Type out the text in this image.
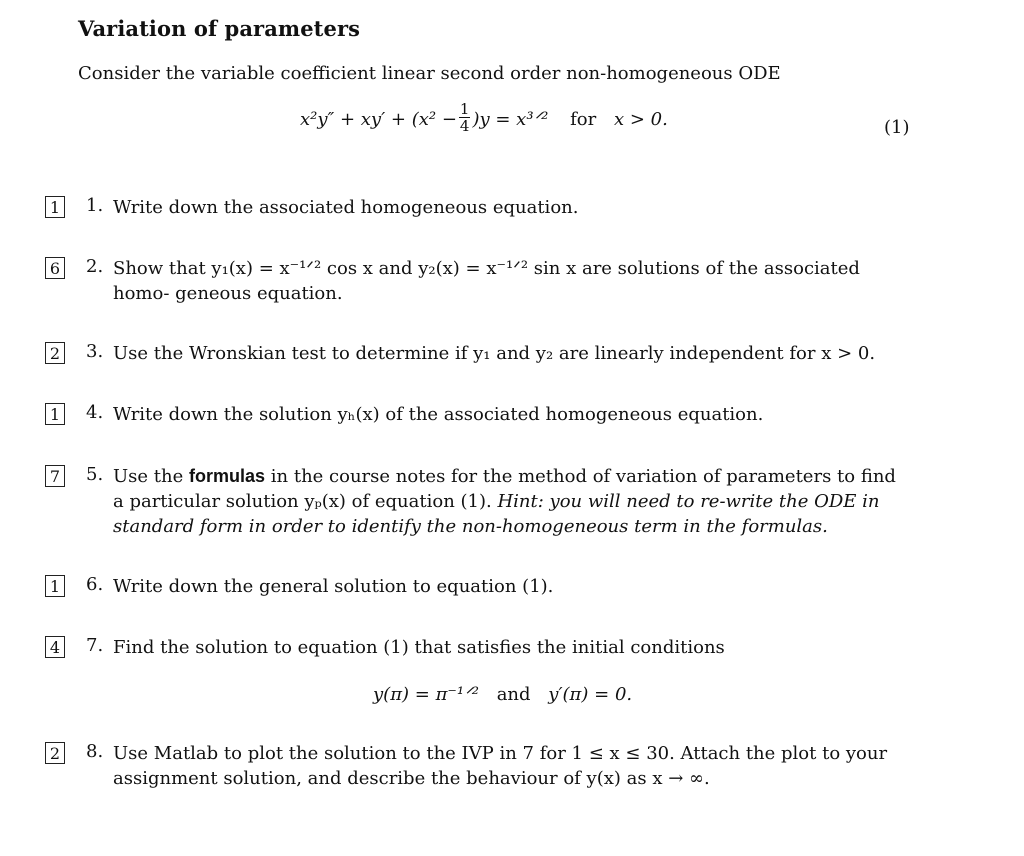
Variation of parameters
Consider the variable coefficient linear second order non-homogeneous ODE
$x^2y'' + xy' + (x^2 - \frac{1}{4} )y$ = x³ᐟ² for x > 0.	(1)
1 1. Write down the associated homogeneous equation.
6 2. Show that y₁(x) = x⁻¹ᐟ² cos x and y₂(x) = x⁻¹ᐟ² sin x are solutions of the associated homo- geneous equation.
2 3. Use the Wronskian test to determine if y₁ and y₂ are linearly independent for x > 0.
1 4. Write down the solution yₕ(x) of the associated homogeneous equation.
7 5. Use the formulas in the course notes for the method of variation of parameters to find a particular solution yₚ(x) of equation (1). Hint: you will need to re-write the ODE in standard form in order to identify the non-homogeneous term in the formulas.
1 6. Write down the general solution to equation (1).
4 7. Find the solution to equation (1) that satisfies the initial conditions
y(π) = π⁻¹ᐟ² and y′(π) = 0.
2 8. Use Matlab to plot the solution to the IVP in 7 for 1 ≤ x ≤ 30. Attach the plot to your assignment solution, and describe the behaviour of y(x) as x → ∞.
